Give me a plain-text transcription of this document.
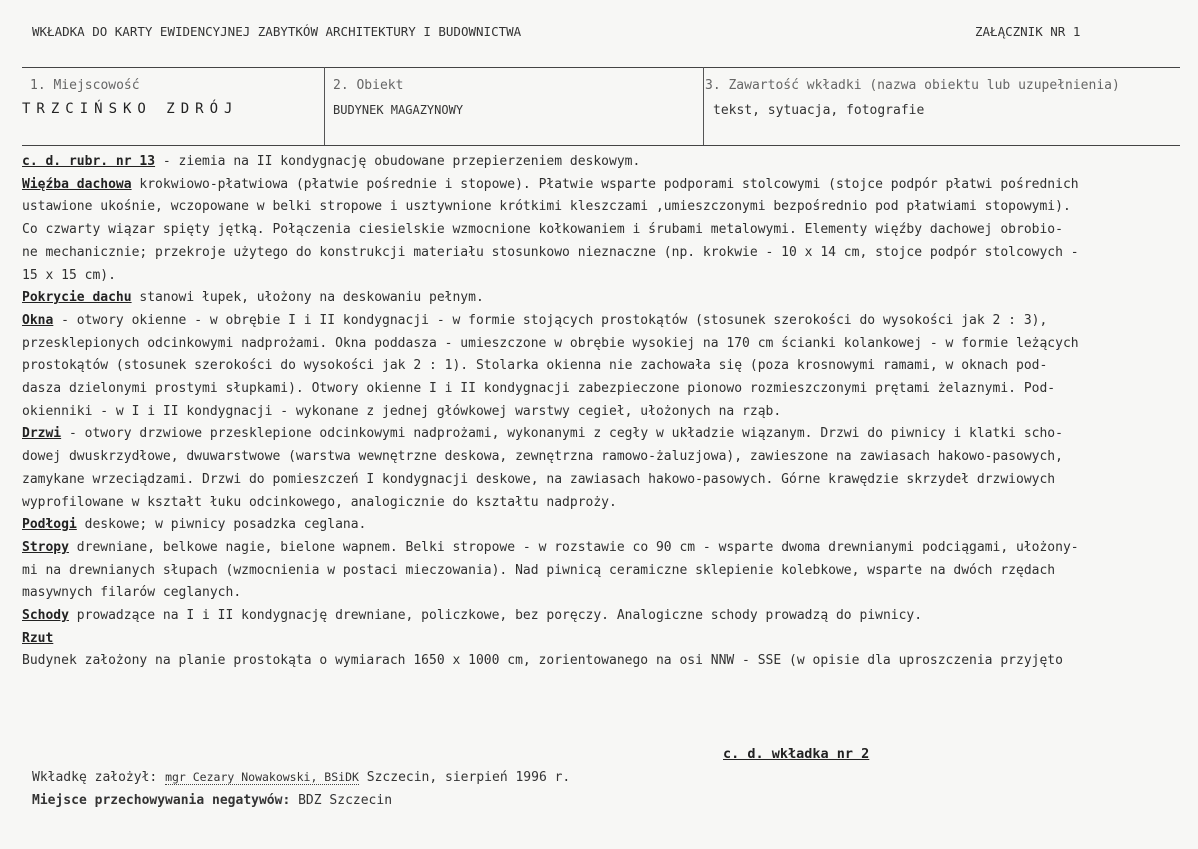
WKŁADKA DO KARTY EWIDENCYJNEJ ZABYTKÓW ARCHITEKTURY I BUDOWNICTWA	ZAŁĄCZNIK NR 1
1. Miejscowość
TRZCIŃSKO ZDRÓJ
2. Obiekt
BUDYNEK MAGAZYNOWY
3. Zawartość wkładki (nazwa obiektu lub uzupełnienia)
tekst, sytuacja, fotografie

c. d. rubr. nr 13 - ziemia na II kondygnację obudowane przepierzeniem deskowym.

Więźba dachowa krokwiowo-płatwiowa (płatwie pośrednie i stopowe). Płatwie wsparte podporami stolcowymi (stojce podpór płatwi pośrednich

ustawione ukośnie, wczopowane w belki stropowe i usztywnione krótkimi kleszczami ,umieszczonymi bezpośrednio pod płatwiami stopowymi).

Co czwarty wiązar spięty jętką. Połączenia ciesielskie wzmocnione kołkowaniem i śrubami metalowymi. Elementy więźby dachowej obrobio-

ne mechanicznie; przekroje użytego do konstrukcji materiału stosunkowo nieznaczne (np. krokwie - 10 x 14 cm, stojce podpór stolcowych -

15 x 15 cm).

Pokrycie dachu stanowi łupek, ułożony na deskowaniu pełnym.

Okna - otwory okienne - w obrębie I i II kondygnacji - w formie stojących prostokątów (stosunek szerokości do wysokości jak 2 : 3),

przesklepionych odcinkowymi nadprożami. Okna poddasza - umieszczone w obrębie wysokiej na 170 cm ścianki kolankowej - w formie leżących

prostokątów (stosunek szerokości do wysokości jak 2 : 1). Stolarka okienna nie zachowała się (poza krosnowymi ramami, w oknach pod-

dasza dzielonymi prostymi słupkami). Otwory okienne I i II kondygnacji zabezpieczone pionowo rozmieszczonymi prętami żelaznymi. Pod-

okienniki - w I i II kondygnacji - wykonane z jednej główkowej warstwy cegieł, ułożonych na rząb.

Drzwi - otwory drzwiowe przesklepione odcinkowymi nadprożami, wykonanymi z cegły w układzie wiązanym. Drzwi do piwnicy i klatki scho-

dowej dwuskrzydłowe, dwuwarstwowe (warstwa wewnętrzne deskowa, zewnętrzna ramowo-żaluzjowa), zawieszone na zawiasach hakowo-pasowych,

zamykane wrzeciądzami. Drzwi do pomieszczeń I kondygnacji deskowe, na zawiasach hakowo-pasowych. Górne krawędzie skrzydeł drzwiowych

wyprofilowane w kształt łuku odcinkowego, analogicznie do kształtu nadproży.

Podłogi deskowe; w piwnicy posadzka ceglana.

Stropy drewniane, belkowe nagie, bielone wapnem. Belki stropowe - w rozstawie co 90 cm - wsparte dwoma drewnianymi podciągami, ułożony-

mi na drewnianych słupach (wzmocnienia w postaci mieczowania). Nad piwnicą ceramiczne sklepienie kolebkowe, wsparte na dwóch rzędach

masywnych filarów ceglanych.

Schody prowadzące na I i II kondygnację drewniane, policzkowe, bez poręczy. Analogiczne schody prowadzą do piwnicy.

Rzut

Budynek założony na planie prostokąta o wymiarach 1650 x 1000 cm, zorientowanego na osi NNW - SSE (w opisie dla uproszczenia przyjęto

c. d. wkładka nr 2
Wkładkę założył: mgr Cezary Nowakowski, BSiDK Szczecin, sierpień 1996 r.
Miejsce przechowywania negatywów: BDZ Szczecin
